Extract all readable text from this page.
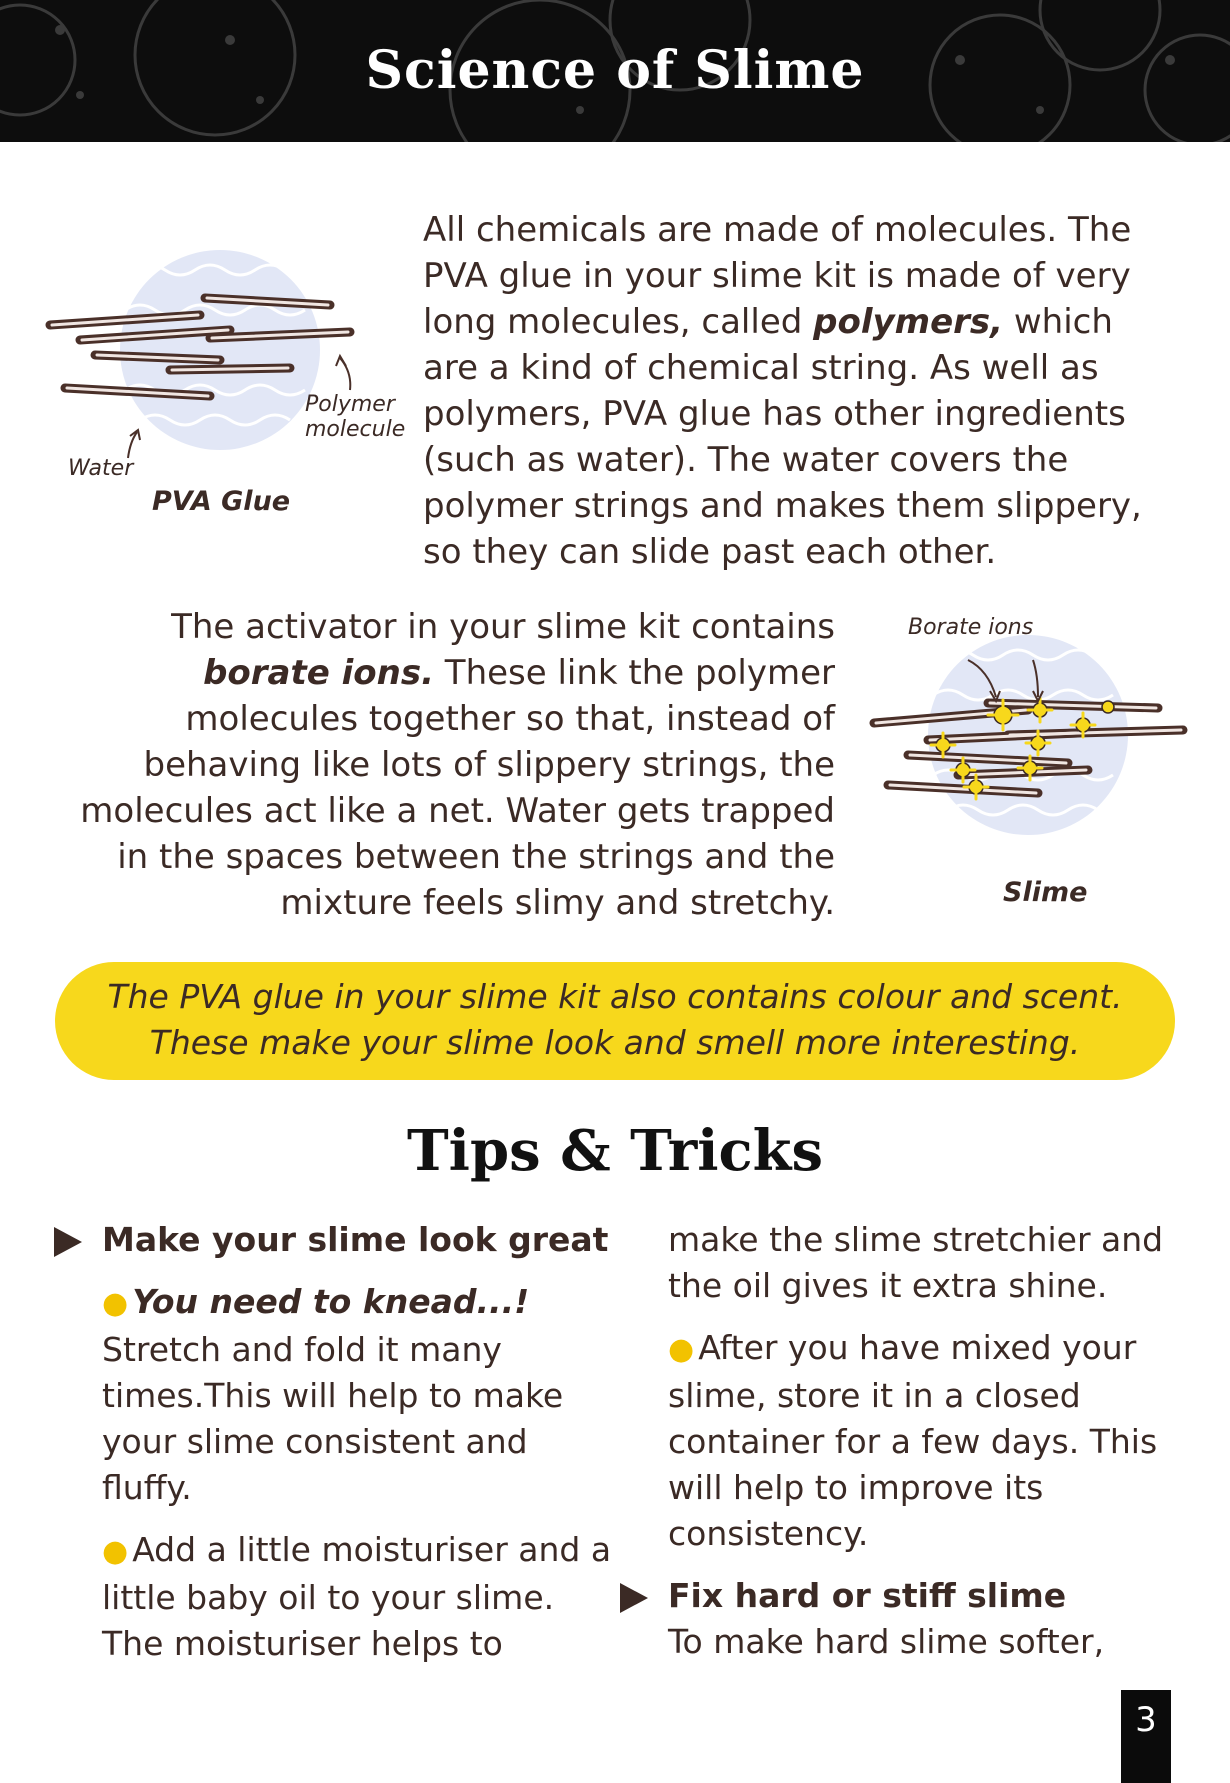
Science of Slime
Polymer
molecule
Water
PVA Glue
All chemicals are made of molecules. The PVA glue in your slime kit is made of very long molecules, called polymers, which are a kind of chemical string. As well as polymers, PVA glue has other ingredients (such as water). The water covers the polymer strings and makes them slippery, so they can slide past each other.
The activator in your slime kit contains borate ions. These link the polymer molecules together so that, instead of behaving like lots of slippery strings, the molecules act like a net. Water gets trapped in the spaces between the strings and the mixture feels slimy and stretchy.
Borate ions
Slime
The PVA glue in your slime kit also contains colour and scent.
These make your slime look and smell more interesting.
Tips & Tricks

Make your slime look great

● You need to knead...!
Stretch and fold it many times.This will help to make your slime consistent and fluffy.

● Add a little moisturiser and a little baby oil to your slime. The moisturiser helps to

make the slime stretchier and the oil gives it extra shine.

● After you have mixed your slime, store it in a closed container for a few days. This will help to improve its consistency.

Fix hard or stiff slime

To make hard slime softer,

3
